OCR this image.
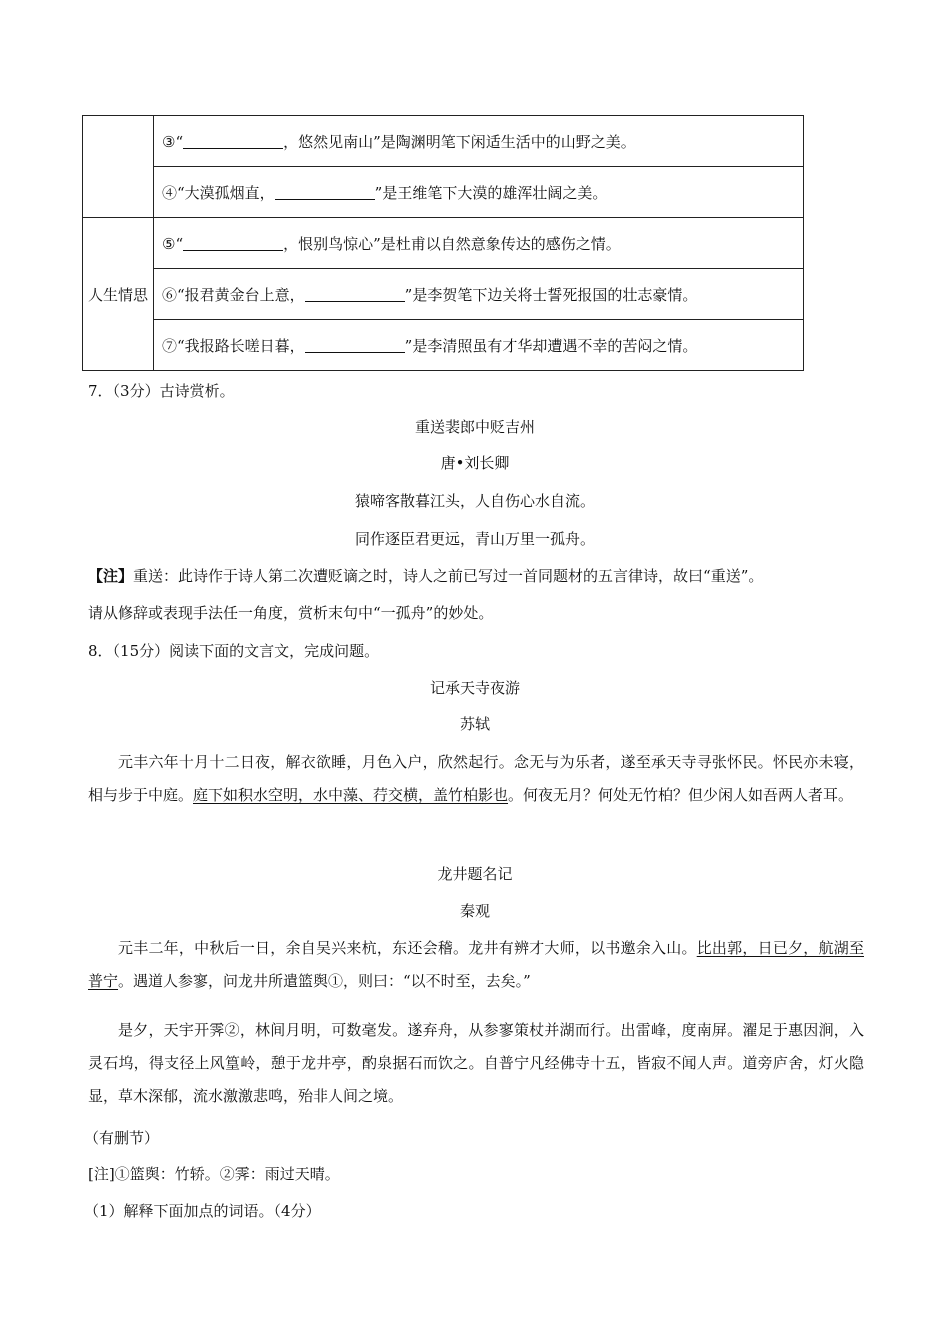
	③“ ，悠然见南山”是陶渊明笔下闲适生活中的山野之美。
	④“大漠孤烟直， ”是王维笔下大漠的雄浑壮阔之美。
人生情思	⑤“ ，恨别鸟惊心”是杜甫以自然意象传达的感伤之情。
	⑥“报君黄金台上意， ”是李贺笔下边关将士誓死报国的壮志豪情。
	⑦“我报路长嗟日暮， ”是李清照虽有才华却遭遇不幸的苦闷之情。
7．（3分）古诗赏析。
重送裴郎中贬吉州
唐•刘长卿
猿啼客散暮江头，人自伤心水自流。
同作逐臣君更远，青山万里一孤舟。
【注】重送：此诗作于诗人第二次遭贬谪之时，诗人之前已写过一首同题材的五言律诗，故曰“重送”。
请从修辞或表现手法任一角度，赏析末句中“一孤舟”的妙处。
8．（15分）阅读下面的文言文，完成问题。
记承天寺夜游
苏轼
元丰六年十月十二日夜，解衣欲睡，月色入户，欣然起行。念无与为乐者，遂至承天寺寻张怀民。怀民亦未寝，相与步于中庭。庭下如积水空明，水中藻、荇交横，盖竹柏影也。何夜无月？何处无竹柏？但少闲人如吾两人者耳。
龙井题名记
秦观
元丰二年，中秋后一日，余自吴兴来杭，东还会稽。龙井有辨才大师，以书邀余入山。比出郭，日已夕，航湖至普宁。遇道人参寥，问龙井所遣篮舆①，则曰：“以不时至，去矣。”
是夕，天宇开霁②，林间月明，可数毫发。遂弃舟，从参寥策杖并湖而行。出雷峰，度南屏。濯足于惠因涧，入灵石坞，得支径上风篁岭，憩于龙井亭，酌泉据石而饮之。自普宁凡经佛寺十五，皆寂不闻人声。道旁庐舍，灯火隐显，草木深郁，流水激激悲鸣，殆非人间之境。
（有删节）
[注]①篮舆：竹轿。②霁：雨过天晴。
（1）解释下面加点的词语。（4分）
